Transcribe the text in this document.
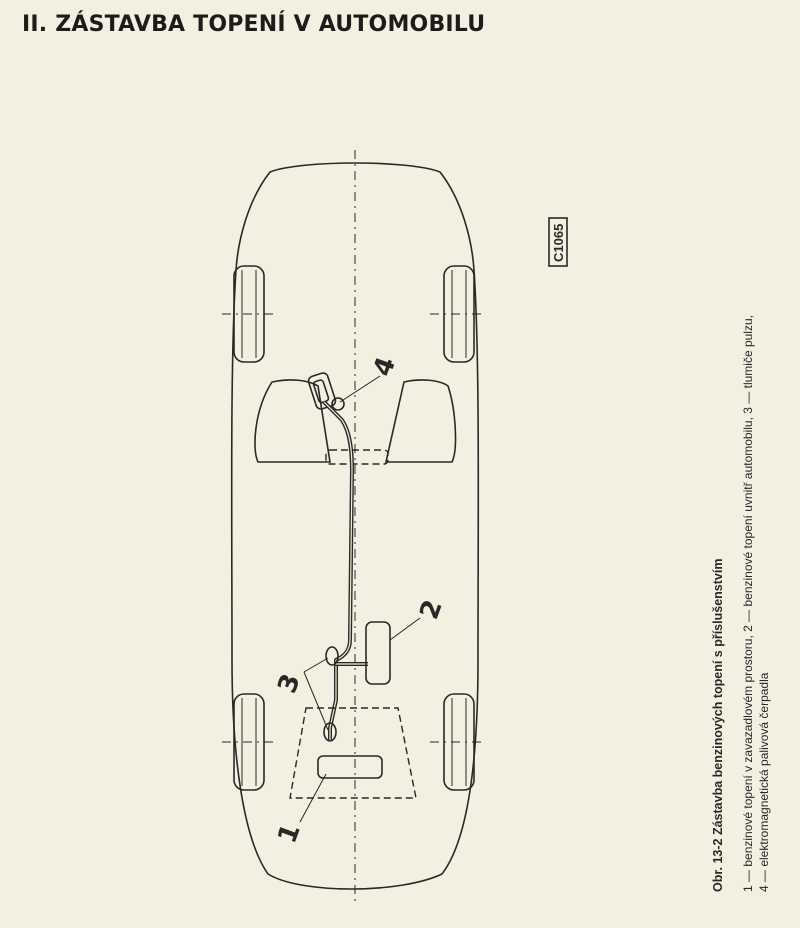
II. ZÁSTAVBA TOPENÍ V AUTOMOBILU
4
2
3
1
C1065
Obr. 13-2 Zástavba benzinových topení s příslušenstvím 1 — benzinové topení v zavazadlovém prostoru, 2 — benzinové topení uvnitř automobilu, 3 — tlumiče pulzu, 4 — elektromagnetická palivová čerpadla
